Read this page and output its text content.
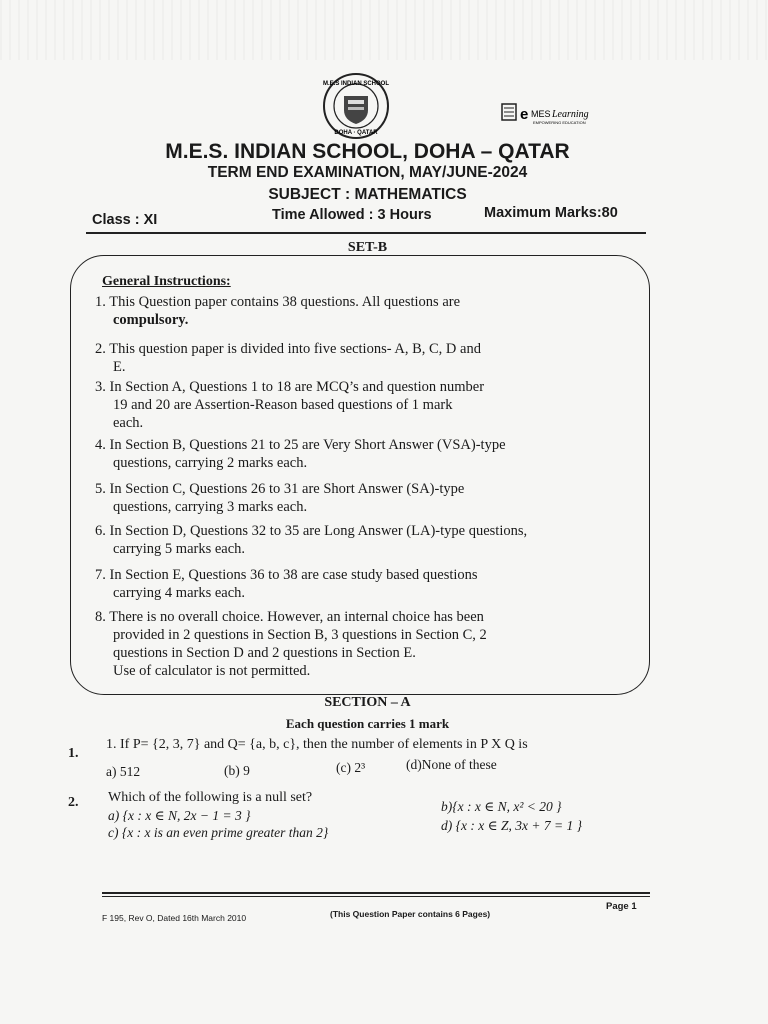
M.E.S INDIAN SCHOOL
DOHA · QATAR
e MES Learning
EMPOWERING EDUCATION
M.E.S. INDIAN SCHOOL, DOHA – QATAR
TERM END EXAMINATION, MAY/JUNE-2024
SUBJECT : MATHEMATICS
Class : XI	Time Allowed : 3 Hours	Maximum Marks:80
SET-B
General Instructions:
1. This Question paper contains 38 questions. All questions are
compulsory.
2. This question paper is divided into five sections- A, B, C, D and
E.
3. In Section A, Questions 1 to 18 are MCQ’s and question number
19 and 20 are Assertion-Reason based questions of 1 mark
each.
4. In Section B, Questions 21 to 25 are Very Short Answer (VSA)-type
questions, carrying 2 marks each.
5. In Section C, Questions 26 to 31 are Short Answer (SA)-type
questions, carrying 3 marks each.
6. In Section D, Questions 32 to 35 are Long Answer (LA)-type questions,
carrying 5 marks each.
7. In Section E, Questions 36 to 38 are case study based questions
carrying 4 marks each.
8. There is no overall choice. However, an internal choice has been
provided in 2 questions in Section B, 3 questions in Section C, 2
questions in Section D and 2 questions in Section E.
Use of calculator is not permitted.
SECTION – A
Each question carries 1 mark
1.
1. If P= {2, 3, 7} and Q= {a, b, c}, then the number of elements in P X Q is
a) 512	(b) 9	(c) 2³	(d)None of these
2. Which of the following is a null set?
a) {x : x ∈ N, 2x − 1 = 3 }
b){x : x ∈ N, x² < 20 }
c) {x : x is an even prime greater than 2}	d) {x : x ∈ Z, 3x + 7 = 1 }
F 195, Rev O, Dated 16th March 2010	(This Question Paper contains 6 Pages)
Page 1
